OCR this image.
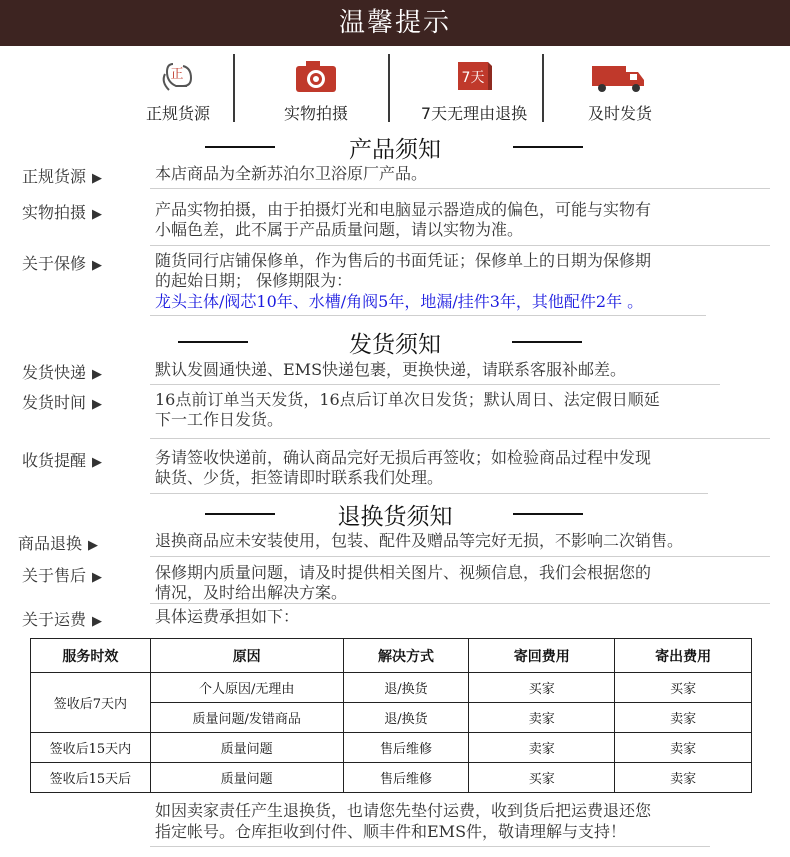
温馨提示
正
正规货源	实物拍摄
7天
7天无理由退换	及时发货
产品须知
正规货源 ▶	本店商品为全新苏泊尔卫浴原厂产品。
实物拍摄 ▶	产品实物拍摄，由于拍摄灯光和电脑显示器造成的偏色，可能与实物有
小幅色差，此不属于产品质量问题，请以实物为准。
关于保修 ▶	随货同行店铺保修单，作为售后的书面凭证；保修单上的日期为保修期
的起始日期； 保修期限为：
龙头主体/阀芯10年、水槽/角阀5年，地漏/挂件3年，其他配件2年 。
发货须知
发货快递 ▶	默认发圆通快递、EMS快递包裹，更换快递，请联系客服补邮差。
发货时间 ▶	16点前订单当天发货，16点后订单次日发货；默认周日、法定假日顺延
下一工作日发货。
收货提醒 ▶	务请签收快递前，确认商品完好无损后再签收；如检验商品过程中发现
缺货、少货，拒签请即时联系我们处理。
退换货须知
商品退换 ▶	退换商品应未安装使用，包装、配件及赠品等完好无损，不影响二次销售。
关于售后 ▶	保修期内质量问题，请及时提供相关图片、视频信息，我们会根据您的
情况，及时给出解决方案。
关于运费 ▶	具体运费承担如下：
服务时效	原因	解决方式	寄回费用	寄出费用
签收后7天内	个人原因/无理由	退/换货	买家	买家
	质量问题/发错商品	退/换货	卖家	卖家
签收后15天内	质量问题	售后维修	卖家	卖家
签收后15天后	质量问题	售后维修	买家	卖家
如因卖家责任产生退换货，也请您先垫付运费，收到货后把运费退还您
指定帐号。仓库拒收到付件、顺丰件和EMS件，敬请理解与支持！
